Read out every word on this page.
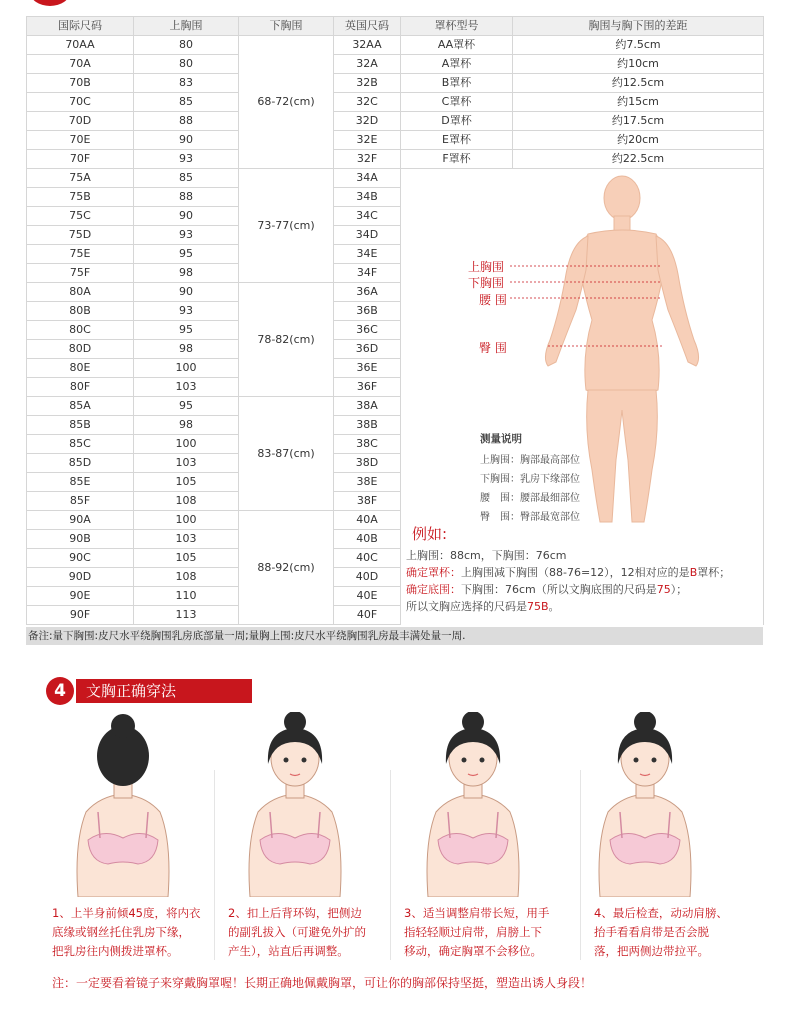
国际尺码	上胸围	下胸围	英国尺码	罩杯型号	胸围与胸下围的差距
70AA	80	68-72(cm)	32AA	AA罩杯	约7.5cm
70A	80		32A	A罩杯	约10cm
70B	83		32B	B罩杯	约12.5cm
70C	85		32C	C罩杯	约15cm
70D	88		32D	D罩杯	约17.5cm
70E	90		32E	E罩杯	约20cm
70F	93		32F	F罩杯	约22.5cm
75A	85	73-77(cm)	34A		
75B	88		34B		
75C	90		34C		
75D	93		34D		
75E	95		34E		
75F	98		34F		
80A	90	78-82(cm)	36A		
80B	93		36B		
80C	95		36C		
80D	98		36D		
80E	100		36E		
80F	103		36F		
85A	95	83-87(cm)	38A		
85B	98		38B		
85C	100		38C		
85D	103		38D		
85E	105		38E		
85F	108		38F		
90A	100	88-92(cm)	40A		
90B	103		40B		
90C	105		40C		
90D	108		40D		
90E	110		40E		
90F	113		40F		
上胸围
下胸围
腰 围
臀 围
测量说明
上胸围：胸部最高部位
下胸围：乳房下缘部位
腰　围：腰部最细部位
臀　围：臀部最宽部位
例如:
上胸围：88cm，下胸围：76cm
确定罩杯：上胸围减下胸围（88-76=12），12相对应的是B罩杯；
确定底围：下胸围：76cm（所以文胸底围的尺码是75）；
所以文胸应选择的尺码是75B。
备注:量下胸围:皮尺水平绕胸围乳房底部量一周;量胸上围:皮尺水平绕胸围乳房最丰满处量一周.
4	文胸正确穿法
1、上半身前倾45度，将内衣
底缘或钢丝托住乳房下缘，
把乳房往内侧拨进罩杯。
2、扣上后背环钩，把侧边
的副乳拔入（可避免外扩的
产生），站直后再调整。
3、适当调整肩带长短，用手
指轻轻顺过肩带，肩膀上下
移动，确定胸罩不会移位。
4、最后检查，动动肩膀、
抬手看看肩带是否会脱
落，把两侧边带拉平。
注：一定要看着镜子来穿戴胸罩喔！长期正确地佩戴胸罩，可让你的胸部保持坚挺，塑造出诱人身段！
